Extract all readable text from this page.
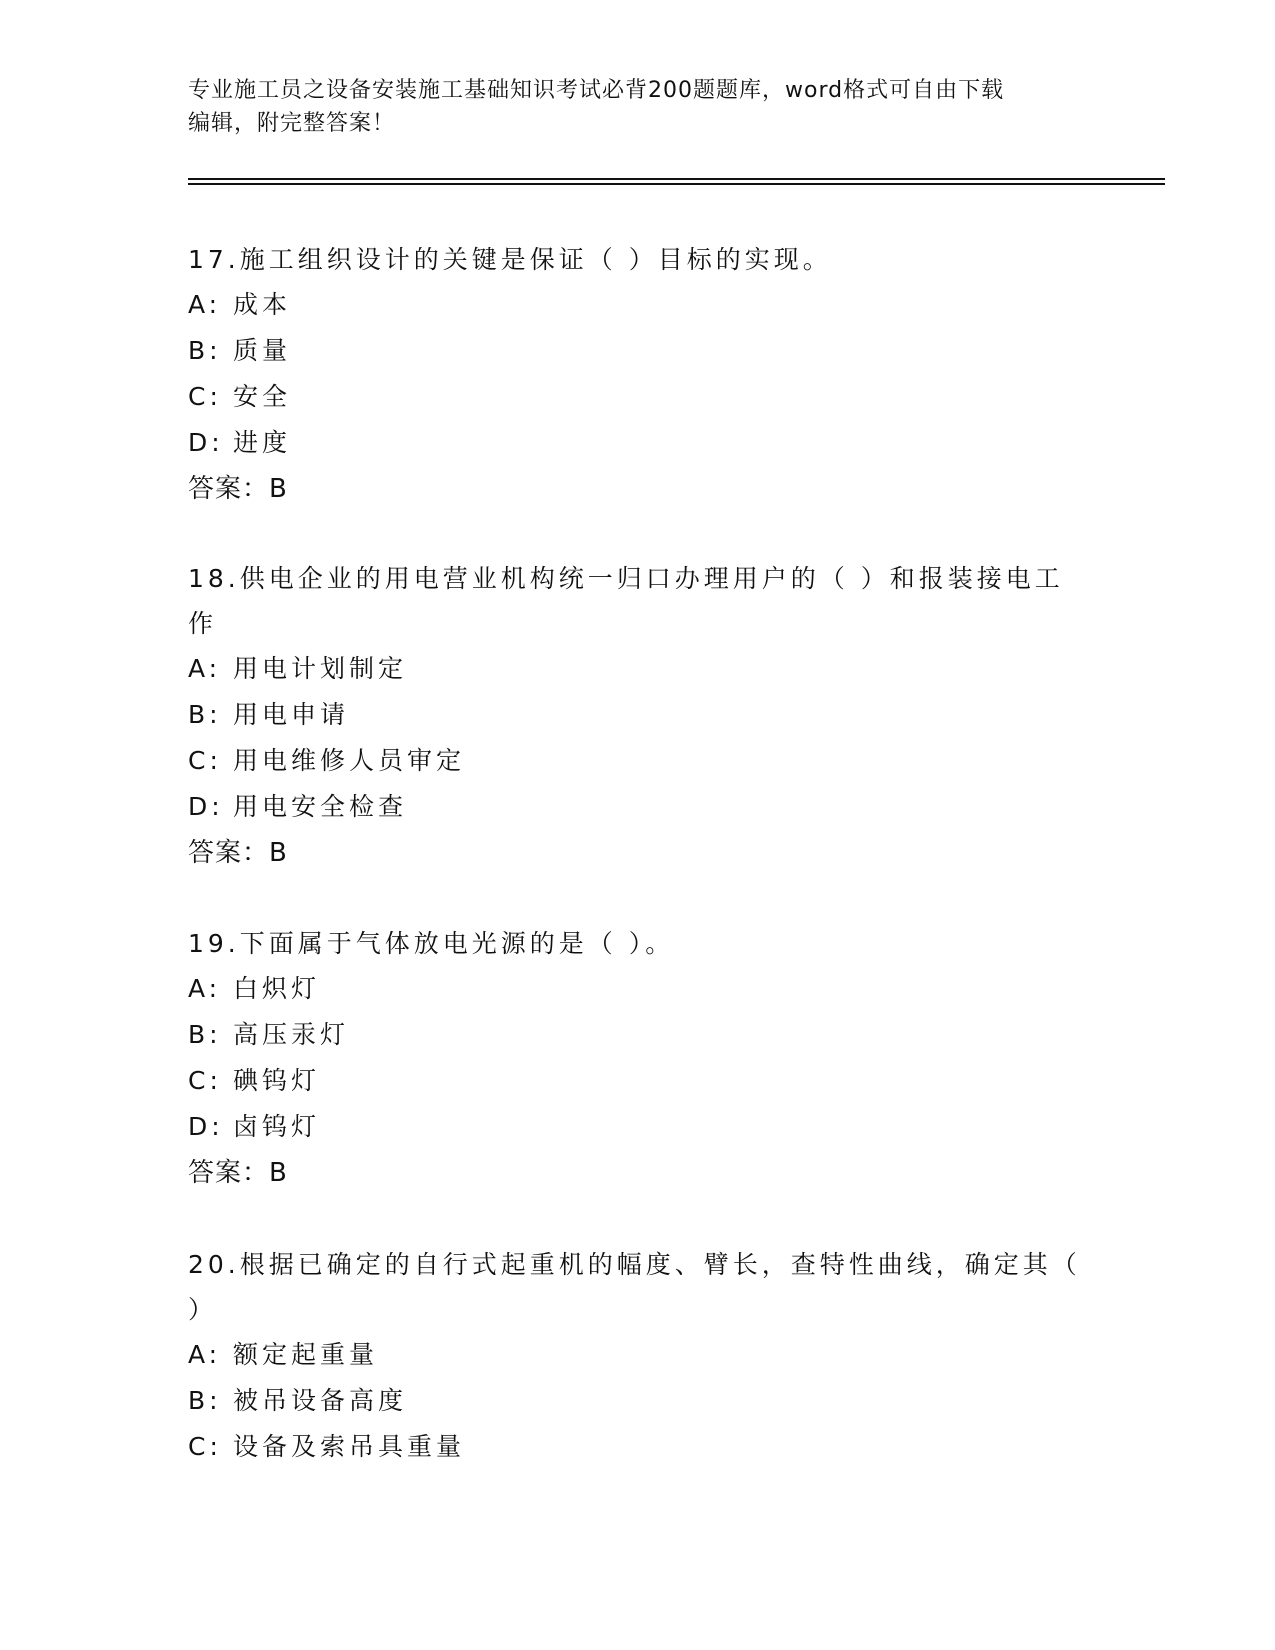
专业施工员之设备安装施工基础知识考试必背200题题库，word格式可自由下载
编辑，附完整答案！

17.施工组织设计的关键是保证（ ）目标的实现。

A: 成本

B: 质量

C: 安全

D: 进度

答案：B

18.供电企业的用电营业机构统一归口办理用户的（ ）和报装接电工
作

A: 用电计划制定

B: 用电申请

C: 用电维修人员审定

D: 用电安全检查

答案：B

19.下面属于气体放电光源的是（ ）。

A: 白炽灯

B: 高压汞灯

C: 碘钨灯

D: 卤钨灯

答案：B

20.根据已确定的自行式起重机的幅度、臂长，查特性曲线，确定其（
）

A: 额定起重量

B: 被吊设备高度

C: 设备及索吊具重量
